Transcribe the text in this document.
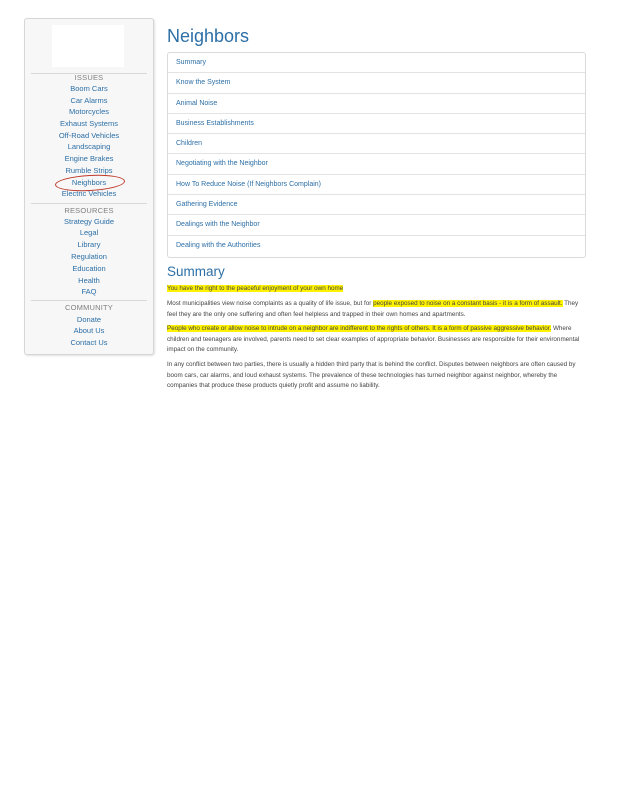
ISSUES
Boom Cars
Car Alarms
Motorcycles
Exhaust Systems
Off-Road Vehicles
Landscaping
Engine Brakes
Rumble Strips
Neighbors
Electric Vehicles
RESOURCES
Strategy Guide
Legal
Library
Regulation
Education
Health
FAQ
COMMUNITY
Donate
About Us
Contact Us
Neighbors
Summary
Know the System
Animal Noise
Business Establishments
Children
Negotiating with the Neighbor
How To Reduce Noise (If Neighbors Complain)
Gathering Evidence
Dealings with the Neighbor
Dealing with the Authorities
Summary

You have the right to the peaceful enjoyment of your own home

Most municipalities view noise complaints as a quality of life issue, but for people exposed to noise on a constant basis - it is a form of assault. They feel they are the only one suffering and often feel helpless and trapped in their own homes and apartments.

People who create or allow noise to intrude on a neighbor are indifferent to the rights of others. It is a form of passive aggressive behavior. Where children and teenagers are involved, parents need to set clear examples of appropriate behavior. Businesses are responsible for their environmental impact on the community.

In any conflict between two parties, there is usually a hidden third party that is behind the conflict. Disputes between neighbors are often caused by boom cars, car alarms, and loud exhaust systems. The prevalence of these technologies has turned neighbor against neighbor, whereby the companies that produce these products quietly profit and assume no liability.
